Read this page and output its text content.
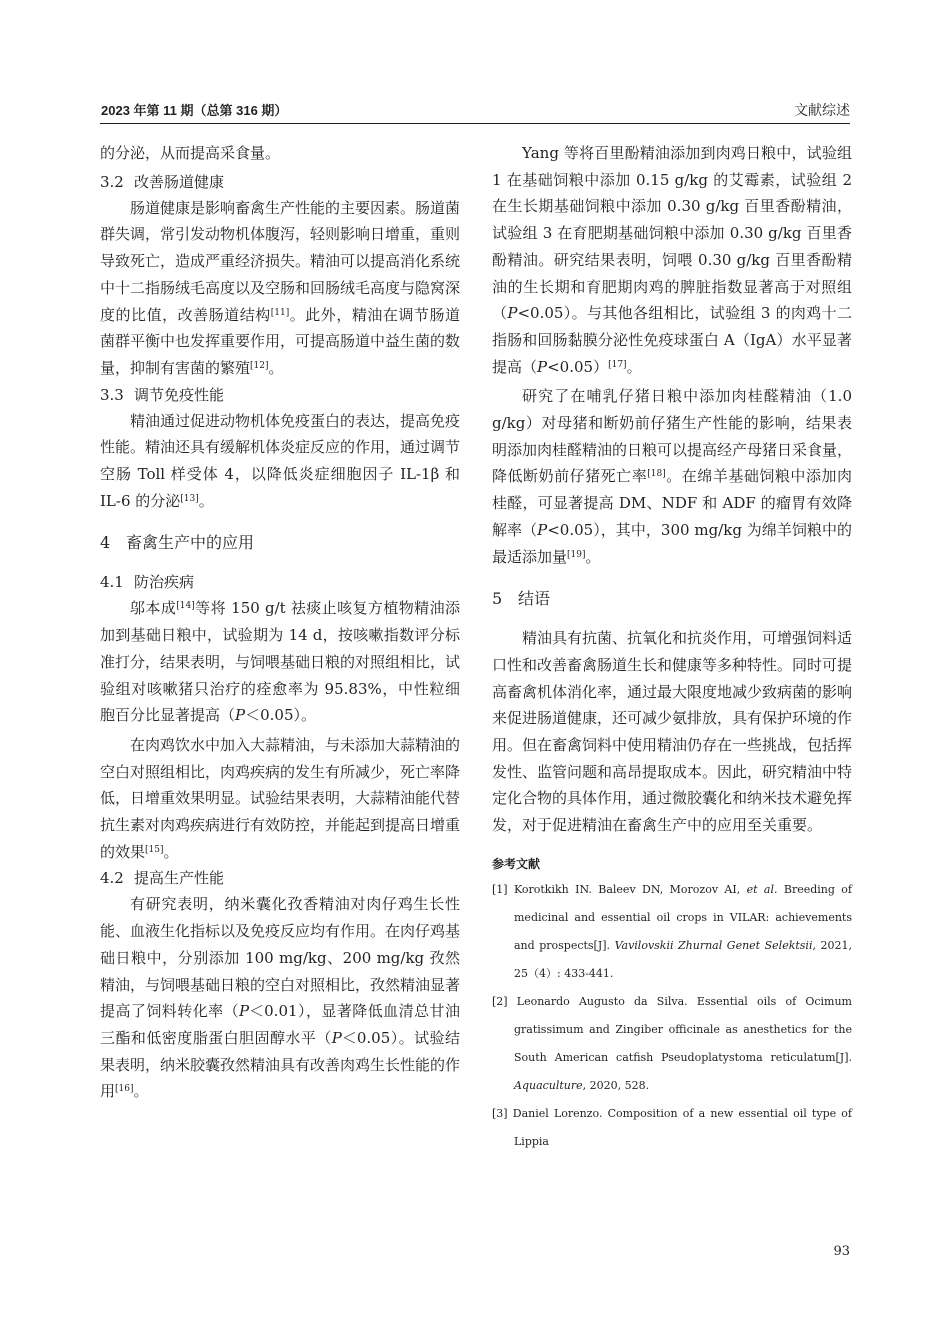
2023 年第 11 期（总第 316 期）	文献综述

的分泌，从而提高采食量。

3.2 改善肠道健康

肠道健康是影响畜禽生产性能的主要因素。肠道菌群失调，常引发动物机体腹泻，轻则影响日增重，重则导致死亡，造成严重经济损失。精油可以提高消化系统中十二指肠绒毛高度以及空肠和回肠绒毛高度与隐窝深度的比值，改善肠道结构[11]。此外，精油在调节肠道菌群平衡中也发挥重要作用，可提高肠道中益生菌的数量，抑制有害菌的繁殖[12]。

3.3 调节免疫性能

精油通过促进动物机体免疫蛋白的表达，提高免疫性能。精油还具有缓解机体炎症反应的作用，通过调节空肠 Toll 样受体 4，以降低炎症细胞因子 IL-1β 和 IL-6 的分泌[13]。

4 畜禽生产中的应用

4.1 防治疾病

邬本成[14]等将 150 g/t 祛痰止咳复方植物精油添加到基础日粮中，试验期为 14 d，按咳嗽指数评分标准打分，结果表明，与饲喂基础日粮的对照组相比，试验组对咳嗽猪只治疗的痊愈率为 95.83%，中性粒细胞百分比显著提高（P＜0.05）。

在肉鸡饮水中加入大蒜精油，与未添加大蒜精油的空白对照组相比，肉鸡疾病的发生有所减少，死亡率降低，日增重效果明显。试验结果表明，大蒜精油能代替抗生素对肉鸡疾病进行有效防控，并能起到提高日增重的效果[15]。

4.2 提高生产性能

有研究表明，纳米囊化孜香精油对肉仔鸡生长性能、血液生化指标以及免疫反应均有作用。在肉仔鸡基础日粮中，分别添加 100 mg/kg、200 mg/kg 孜然精油，与饲喂基础日粮的空白对照相比，孜然精油显著提高了饲料转化率（P＜0.01），显著降低血清总甘油三酯和低密度脂蛋白胆固醇水平（P＜0.05）。试验结果表明，纳米胶囊孜然精油具有改善肉鸡生长性能的作用[16]。

Yang 等将百里酚精油添加到肉鸡日粮中，试验组 1 在基础饲粮中添加 0.15 g/kg 的艾霉素，试验组 2 在生长期基础饲粮中添加 0.30 g/kg 百里香酚精油，试验组 3 在育肥期基础饲粮中添加 0.30 g/kg 百里香酚精油。研究结果表明，饲喂 0.30 g/kg 百里香酚精油的生长期和育肥期肉鸡的脾脏指数显著高于对照组（P<0.05）。与其他各组相比，试验组 3 的肉鸡十二指肠和回肠黏膜分泌性免疫球蛋白 A（IgA）水平显著提高（P<0.05）[17]。

研究了在哺乳仔猪日粮中添加肉桂醛精油（1.0 g/kg）对母猪和断奶前仔猪生产性能的影响，结果表明添加肉桂醛精油的日粮可以提高经产母猪日采食量，降低断奶前仔猪死亡率[18]。在绵羊基础饲粮中添加肉桂醛，可显著提高 DM、NDF 和 ADF 的瘤胃有效降解率（P<0.05），其中，300 mg/kg 为绵羊饲粮中的最适添加量[19]。

5 结语

精油具有抗菌、抗氧化和抗炎作用，可增强饲料适口性和改善畜禽肠道生长和健康等多种特性。同时可提高畜禽机体消化率，通过最大限度地减少致病菌的影响来促进肠道健康，还可减少氨排放，具有保护环境的作用。但在畜禽饲料中使用精油仍存在一些挑战，包括挥发性、监管问题和高昂提取成本。因此，研究精油中特定化合物的具体作用，通过微胶囊化和纳米技术避免挥发，对于促进精油在畜禽生产中的应用至关重要。

参考文献

[1] Korotkikh IN. Baleev DN, Morozov AI, et al. Breeding of medicinal and essential oil crops in VILAR: achievements and prospects[J]. Vavilovskii Zhurnal Genet Selektsii, 2021, 25（4）: 433-441.

[2] Leonardo Augusto da Silva. Essential oils of Ocimum gratissimum and Zingiber officinale as anesthetics for the South American catfish Pseudoplatystoma reticulatum[J]. Aquaculture, 2020, 528.

[3] Daniel Lorenzo. Composition of a new essential oil type of Lippia

93
